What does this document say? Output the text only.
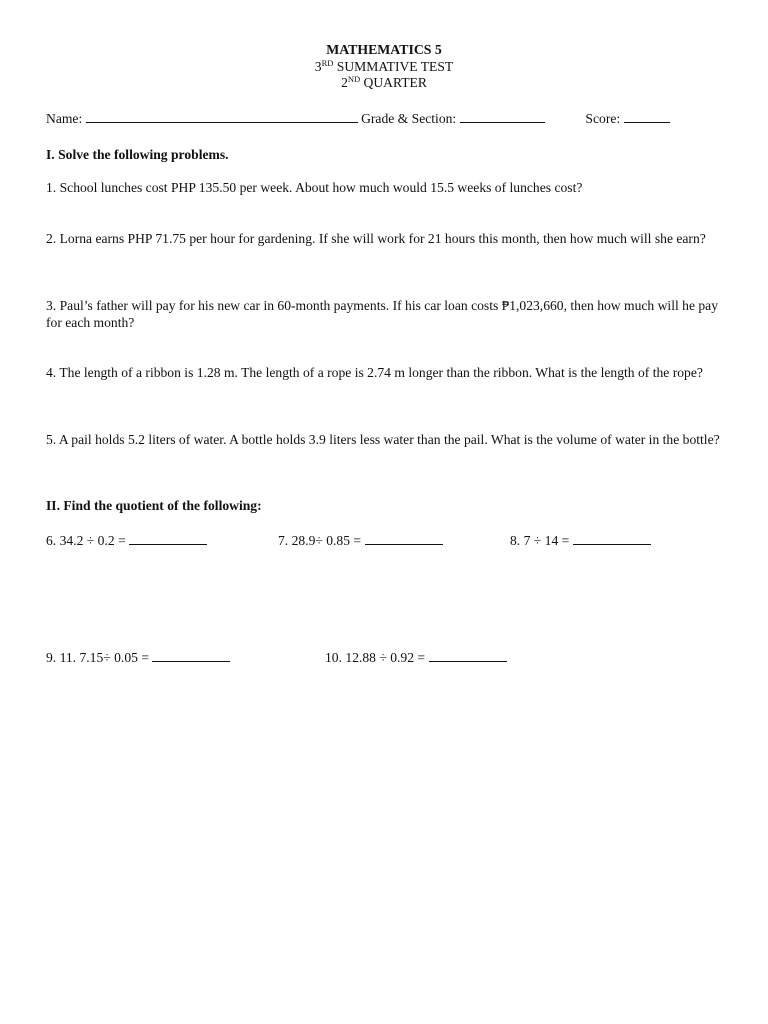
MATHEMATICS 5
3RD SUMMATIVE TEST
2ND QUARTER
Name:	Grade & Section:	Score:
I. Solve the following problems.
1. School lunches cost PHP 135.50 per week. About how much would 15.5 weeks of lunches cost?
2. Lorna earns PHP 71.75 per hour for gardening. If she will work for 21 hours this month, then how much will she earn?
3. Paul’s father will pay for his new car in 60-month payments. If his car loan costs ₱1,023,660, then how much will he pay for each month?
4. The length of a ribbon is 1.28 m. The length of a rope is 2.74 m longer than the ribbon. What is the length of the rope?
5. A pail holds 5.2 liters of water. A bottle holds 3.9 liters less water than the pail. What is the volume of water in the bottle?
II. Find the quotient of the following:
6. 34.2 ÷ 0.2 =	7. 28.9÷ 0.85 =	8. 7 ÷ 14 =
9. 11. 7.15÷ 0.05 =	10. 12.88 ÷ 0.92 =
